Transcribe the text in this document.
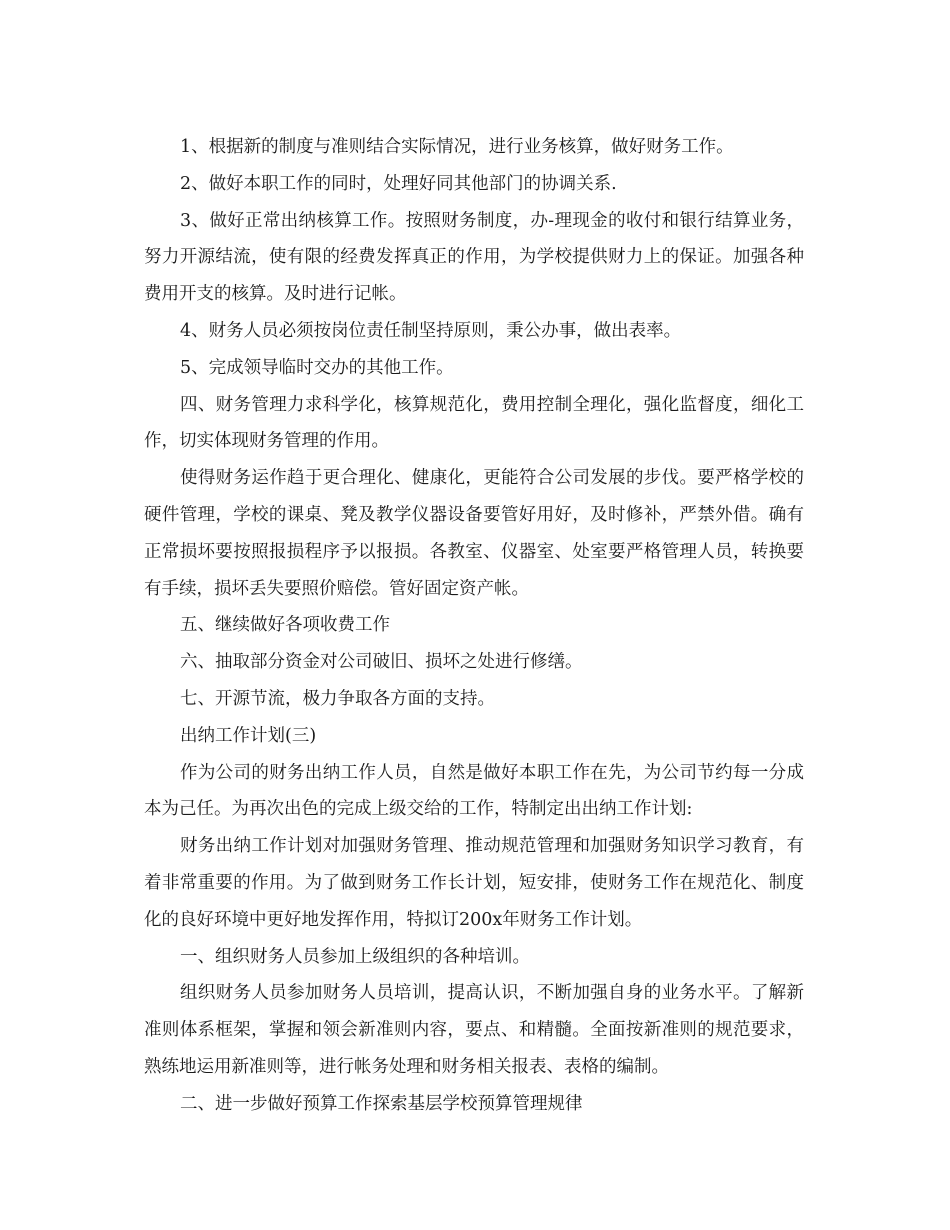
1、根据新的制度与准则结合实际情况，进行业务核算，做好财务工作。

2、做好本职工作的同时，处理好同其他部门的协调关系.

3、做好正常出纳核算工作。按照财务制度，办-理现金的收付和银行结算业务，努力开源结流，使有限的经费发挥真正的作用，为学校提供财力上的保证。加强各种费用开支的核算。及时进行记帐。

4、财务人员必须按岗位责任制坚持原则，秉公办事，做出表率。

5、完成领导临时交办的其他工作。

四、财务管理力求科学化，核算规范化，费用控制全理化，强化监督度，细化工作，切实体现财务管理的作用。

使得财务运作趋于更合理化、健康化，更能符合公司发展的步伐。要严格学校的硬件管理，学校的课桌、凳及教学仪器设备要管好用好，及时修补，严禁外借。确有正常损坏要按照报损程序予以报损。各教室、仪器室、处室要严格管理人员，转换要有手续，损坏丢失要照价赔偿。管好固定资产帐。

五、继续做好各项收费工作

六、抽取部分资金对公司破旧、损坏之处进行修缮。

七、开源节流，极力争取各方面的支持。

出纳工作计划(三)

作为公司的财务出纳工作人员，自然是做好本职工作在先，为公司节约每一分成本为己任。为再次出色的完成上级交给的工作，特制定出出纳工作计划:

财务出纳工作计划对加强财务管理、推动规范管理和加强财务知识学习教育，有着非常重要的作用。为了做到财务工作长计划，短安排，使财务工作在规范化、制度化的良好环境中更好地发挥作用，特拟订200x年财务工作计划。

一、组织财务人员参加上级组织的各种培训。

组织财务人员参加财务人员培训，提高认识，不断加强自身的业务水平。了解新准则体系框架，掌握和领会新准则内容，要点、和精髓。全面按新准则的规范要求，熟练地运用新准则等，进行帐务处理和财务相关报表、表格的编制。

二、进一步做好预算工作探索基层学校预算管理规律
